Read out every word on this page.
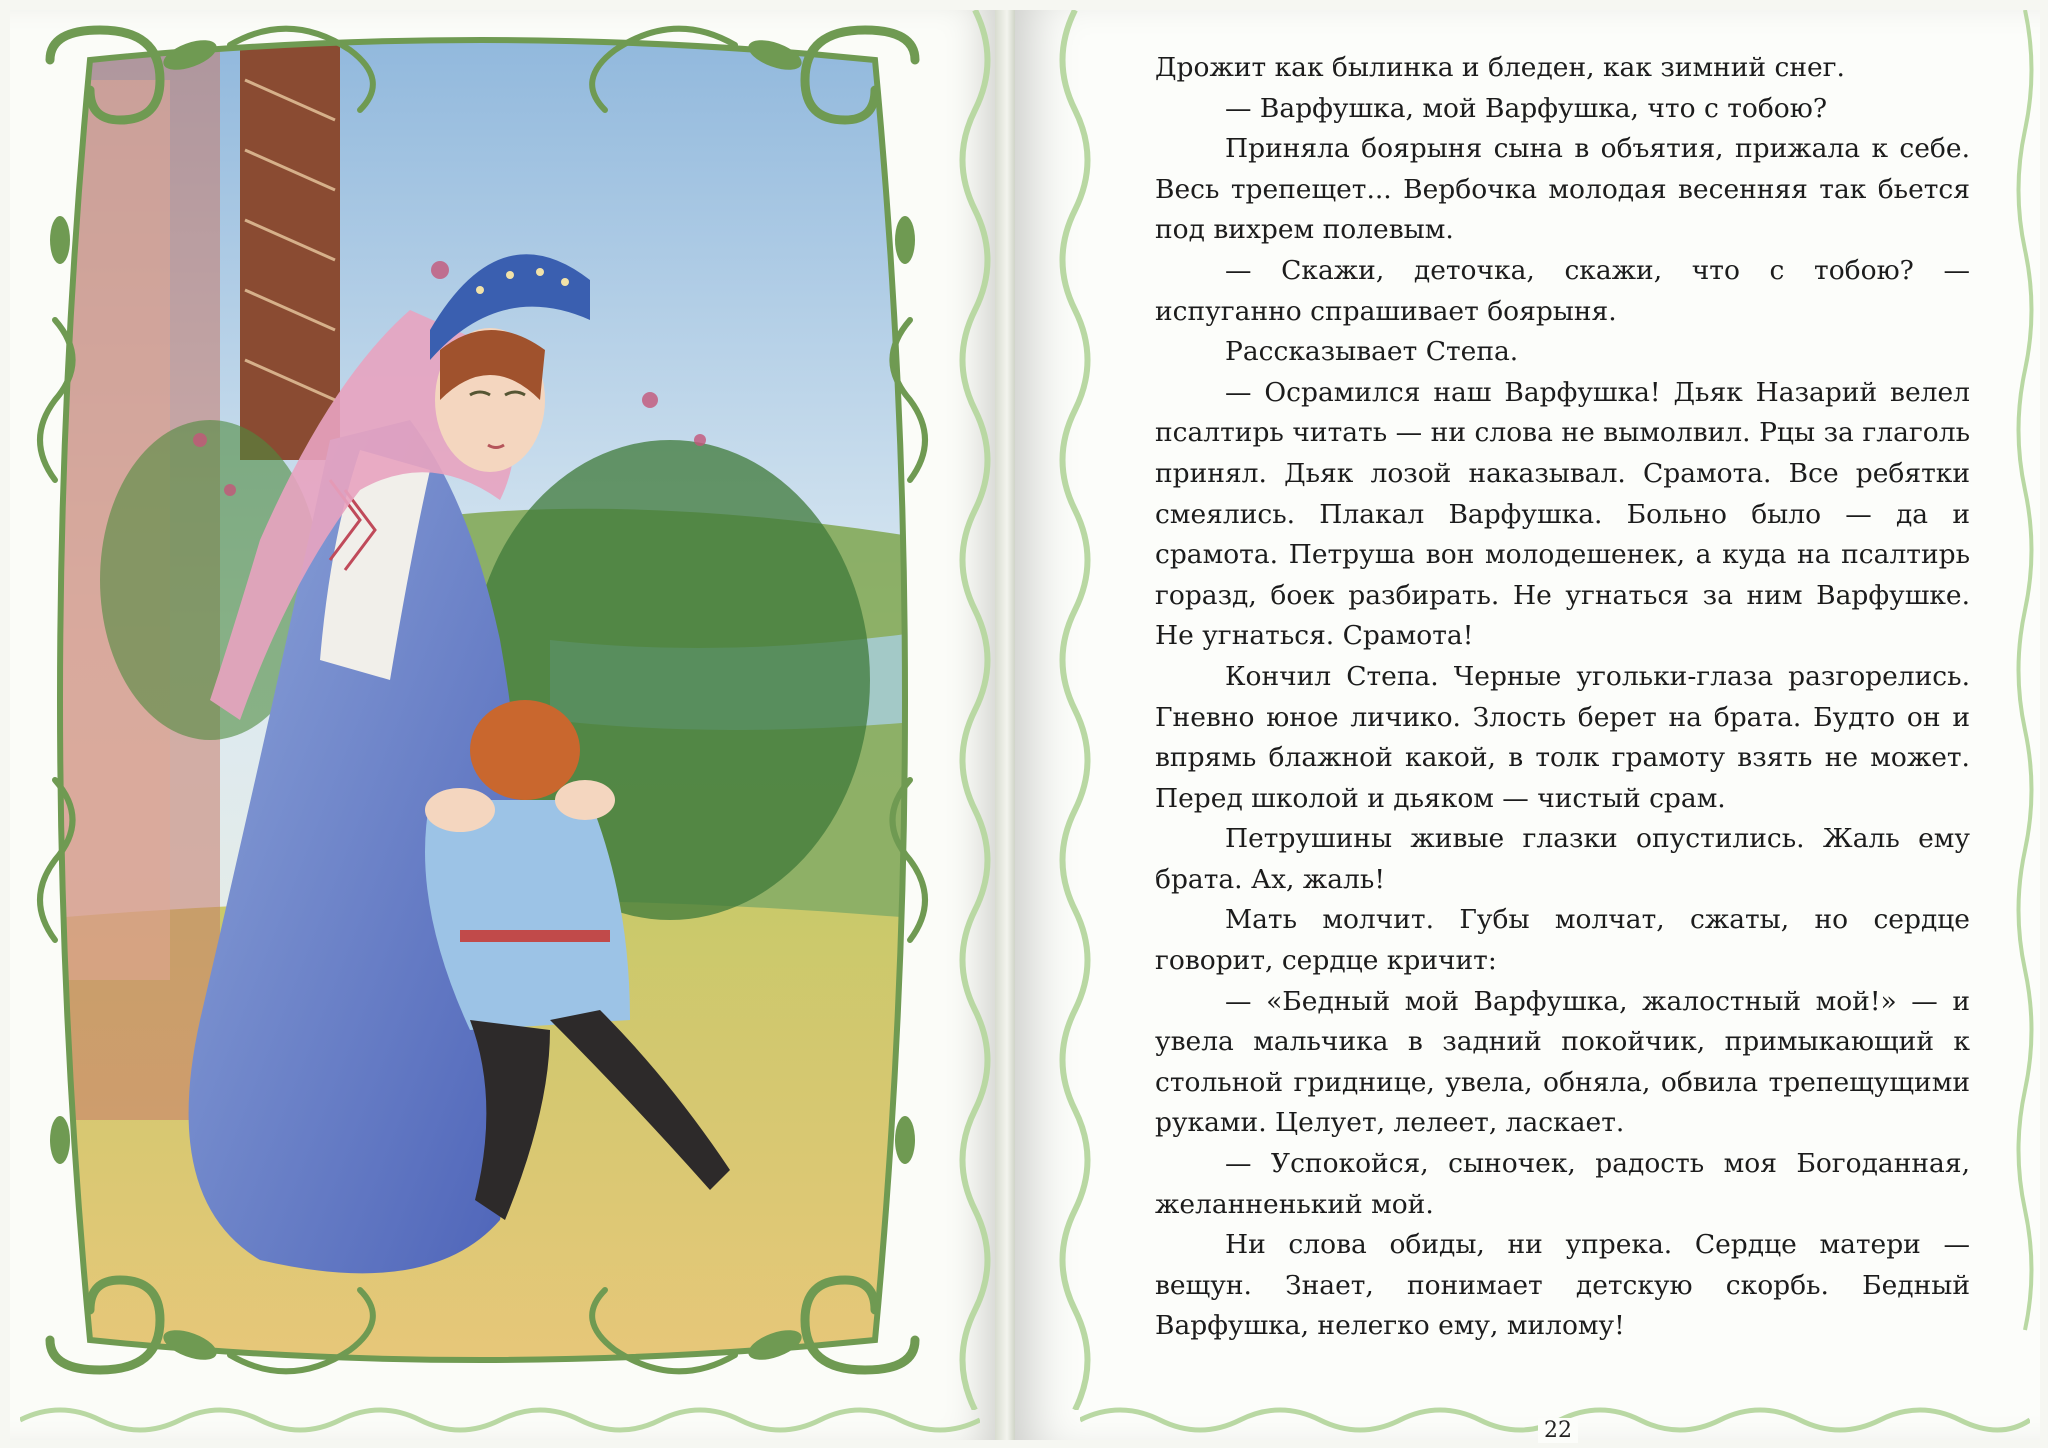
Дрожит как былинка и бледен, как зимний снег.

— Варфушка, мой Варфушка, что с тобою?

Приняла боярыня сына в объятия, прижала к себе. Весь трепещет... Вербочка молодая весенняя так бьется под вихрем полевым.

— Скажи, деточка, скажи, что с тобою? — испуганно спрашивает боярыня.

Рассказывает Степа.

— Осрамился наш Варфушка! Дьяк Назарий велел псалтирь читать — ни слова не вымолвил. Рцы за глаголь принял. Дьяк лозой наказывал. Срамота. Все ребятки смеялись. Плакал Варфушка. Больно было — да и срамота. Петруша вон молодешенек, а куда на псалтирь горазд, боек разбирать. Не угнаться за ним Варфушке. Не угнаться. Срамота!

Кончил Степа. Черные угольки-глаза разгорелись. Гневно юное личико. Злость берет на брата. Будто он и впрямь блажной какой, в толк грамоту взять не может. Перед школой и дьяком — чистый срам.

Петрушины живые глазки опустились. Жаль ему брата. Ах, жаль!

Мать молчит. Губы молчат, сжаты, но сердце говорит, сердце кричит:

— «Бедный мой Варфушка, жалостный мой!» — и увела мальчика в задний покойчик, примыкающий к стольной гриднице, увела, обняла, обвила трепещущими руками. Целует, лелеет, ласкает.

— Успокойся, сыночек, радость моя Богоданная, желанненький мой.

Ни слова обиды, ни упрека. Сердце матери — вещун. Знает, понимает детскую скорбь. Бедный Варфушка, нелегко ему, милому!

22
